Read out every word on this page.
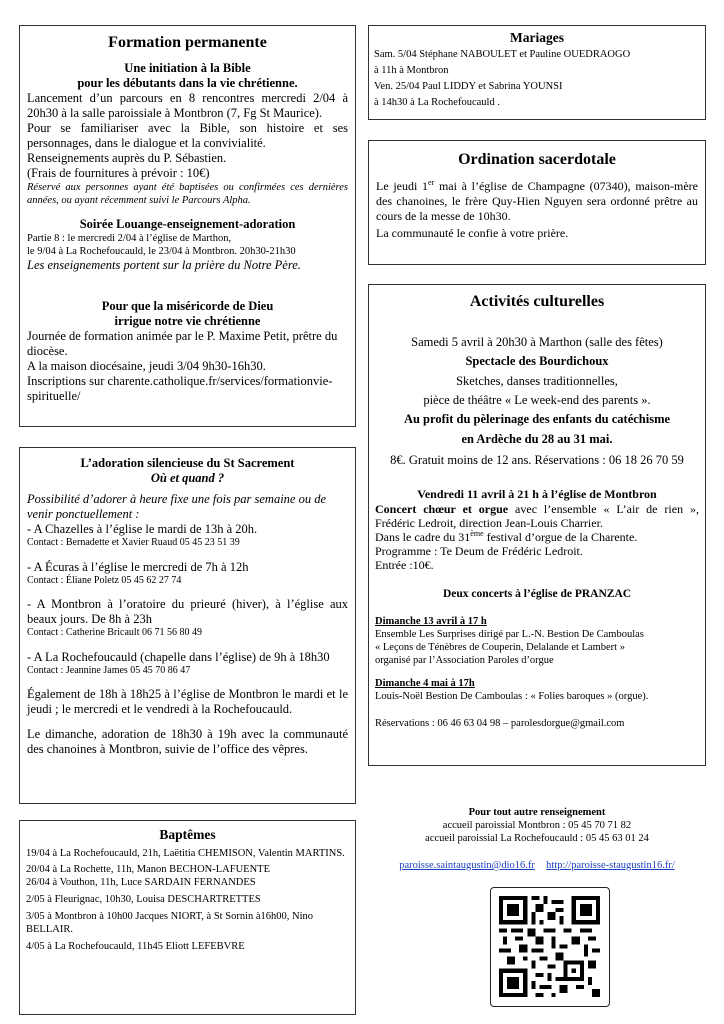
Formation permanente
Une initiation à la Bible
pour les débutants dans la vie chrétienne.
Lancement d’un parcours en 8 rencontres mercredi 2/04 à 20h30 à la salle paroissiale à Montbron (7, Fg St Maurice).
Pour se familiariser avec la Bible, son histoire et ses personnages, dans le dialogue et la convivialité.
Renseignements auprès du P. Sébastien.
(Frais de fournitures à prévoir : 10€)
Réservé aux personnes ayant été baptisées ou confirmées ces dernières années, ou ayant récemment suivi le Parcours Alpha.
Soirée Louange-enseignement-adoration
Partie 8 : le mercredi 2/04 à l’église de Marthon,
le 9/04 à La Rochefoucauld, le 23/04 à Montbron. 20h30-21h30
Les enseignements portent sur la prière du Notre Père.
Pour que la miséricorde de Dieu
irrigue notre vie chrétienne
Journée de formation animée par le P. Maxime Petit, prêtre du diocèse.
A la maison diocésaine, jeudi 3/04 9h30-16h30.
Inscriptions sur charente.catholique.fr/services/formationvie-spirituelle/
L’adoration silencieuse du St Sacrement
Où et quand ?
Possibilité d’adorer à heure fixe une fois par semaine ou de venir ponctuellement :
- A Chazelles à l’église le mardi de 13h à 20h.
Contact : Bernadette et Xavier Ruaud 05 45 23 51 39
- A Écuras à l’église le mercredi de 7h à 12h
Contact : Éliane Poletz 05 45 62 27 74
- A Montbron à l’oratoire du prieuré (hiver), à l’église aux beaux jours. De 8h à 23h
Contact : Catherine Bricault 06 71 56 80 49
- A La Rochefoucauld (chapelle dans l’église) de 9h à 18h30
Contact : Jeannine James 05 45 70 86 47
Également de 18h à 18h25 à l’église de Montbron le mardi et le jeudi ; le mercredi et le vendredi à la Rochefoucauld.
Le dimanche, adoration de 18h30 à 19h avec la communauté des chanoines à Montbron, suivie de l’office des vêpres.
Baptêmes
19/04 à La Rochefoucauld, 21h, Laëtitia CHEMISON, Valentin MARTINS.
20/04 à La Rochette, 11h, Manon BECHON-LAFUENTE
26/04 à Vouthon, 11h, Luce SARDAIN FERNANDES
2/05 à Fleurignac, 10h30, Louisa DESCHARTRETTES
3/05 à Montbron à 10h00 Jacques NIORT, à St Sornin à16h00, Nino BELLAIR.
4/05 à La Rochefoucauld, 11h45 Eliott LEFEBVRE
Mariages
Sam. 5/04 Stéphane NABOULET et Pauline OUEDRAOGO
à 11h à Montbron
Ven. 25/04 Paul LIDDY et Sabrina YOUNSI
à 14h30 à La Rochefoucauld .
Ordination sacerdotale
Le jeudi 1er mai à l’église de Champagne (07340), maison-mère des chanoines, le frère Quy-Hien Nguyen sera ordonné prêtre au cours de la messe de 10h30.
La communauté le confie à votre prière.
Activités culturelles
Samedi 5 avril à 20h30 à Marthon (salle des fêtes)
Spectacle des Bourdichoux
Sketches, danses traditionnelles,
pièce de théâtre « Le week-end des parents ».
Au profit du pèlerinage des enfants du catéchisme
en Ardèche du 28 au 31 mai.
8€. Gratuit moins de 12 ans. Réservations : 06 18 26 70 59
Vendredi 11 avril à 21 h à l’église de Montbron
Concert chœur et orgue avec l’ensemble « L’air de rien », Frédéric Ledroit, direction Jean-Louis Charrier.
Dans le cadre du 31ème festival d’orgue de la Charente.
Programme : Te Deum de Frédéric Ledroit.
Entrée :10€.
Deux concerts à l’église de PRANZAC
Dimanche 13 avril à 17 h
Ensemble Les Surprises dirigé par L.-N. Bestion De Camboulas
« Leçons de Ténèbres de Couperin, Delalande et Lambert »
organisé par l’Association Paroles d’orgue
Dimanche 4 mai à 17h
Louis-Noël Bestion De Camboulas : « Folies baroques » (orgue).
Réservations : 06 46 63 04 98 – parolesdorgue@gmail.com
Pour tout autre renseignement
accueil paroissial Montbron : 05 45 70 71 82
accueil paroissial La Rochefoucauld : 05 45 63 01 24
paroisse.saintaugustin@dio16.fr http://paroisse-staugustin16.fr/
